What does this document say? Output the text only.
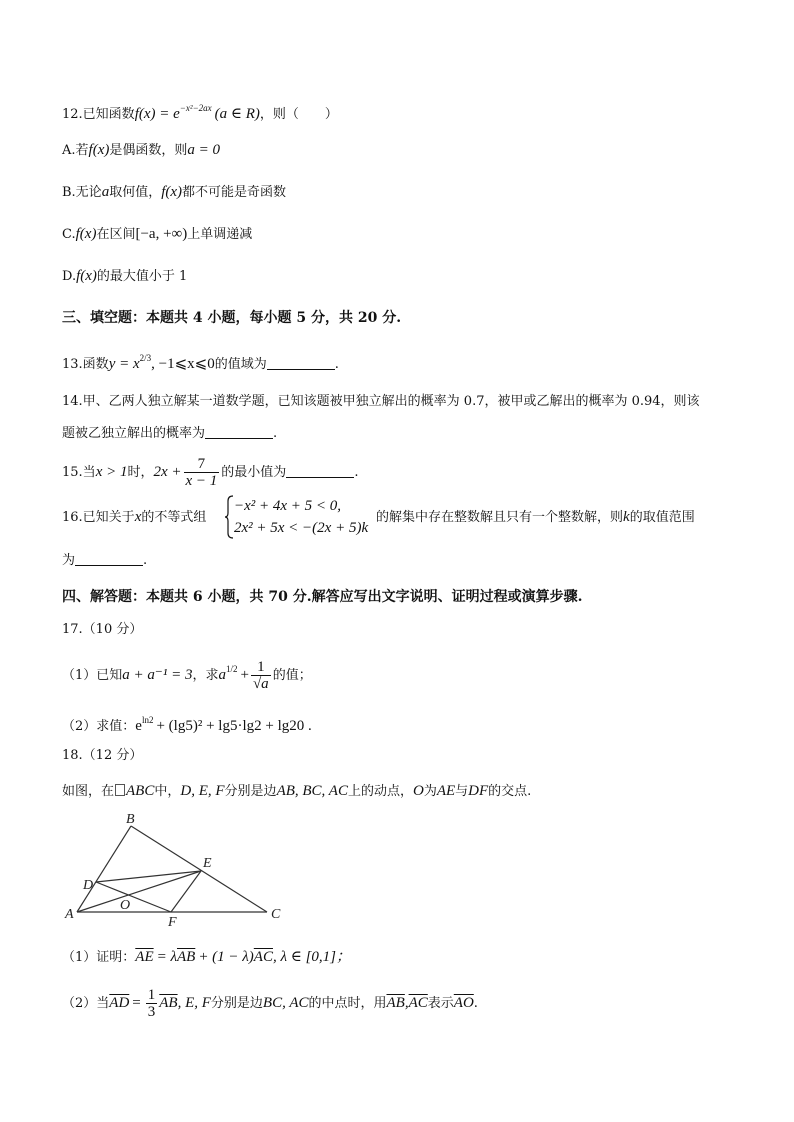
12.已知函数$f(x) = e^{-x^2-2ax}$ (a ∈ R)，则（　　）
A.若f(x)是偶函数，则a = 0
B.无论a取何值，f(x)都不可能是奇函数
C.f(x)在区间[−a, +∞)上单调递减
D.f(x)的最大值小于 1
三、填空题：本题共 4 小题，每小题 5 分，共 20 分.
13.函数$y = x^{2/3}$, −1⩽x⩽0的值域为	.
14.甲、乙两人独立解某一道数学题，已知该题被甲独立解出的概率为 0.7，被甲或乙解出的概率为 0.94，则该
题被乙独立解出的概率为	.
15.当x > 1时，$2x + \frac{7}{x - 1}$ 的最小值为	.
16.已知关于x的不等式组
−x² + 4x + 5 < 0,
2x² + 5x < −(2x + 5)k
的解集中存在整数解且只有一个整数解，则k的取值范围
为	.
四、解答题：本题共 6 小题，共 70 分.解答应写出文字说明、证明过程或演算步骤.
17.（10 分）
（1）已知a + a⁻¹ = 3，求$a^{1/2} + \frac{1}{√a}$ 的值；
（2）求值：$e^{ln2} + (\lg 5)^2 + \lg 5\cdot\lg 2 + \lg 20$ .
18.（12 分）
如图，在 ABC中，D, E, F分别是边AB, BC, AC上的动点，O为AE与DF的交点.
B
E
D
O
A
F
C
（1）证明：$\overline{AE} = \lambda\overline{AB} + (1 - \lambda)\overline{AC}$, λ ∈ [0,1]；
（2）当$\overline{AD} = \frac{1}{3} \overline{AB}$, E, F分别是边BC, AC的中点时，用$\overline{AB},\overline{AC}$表示$\overline{AO}$.
